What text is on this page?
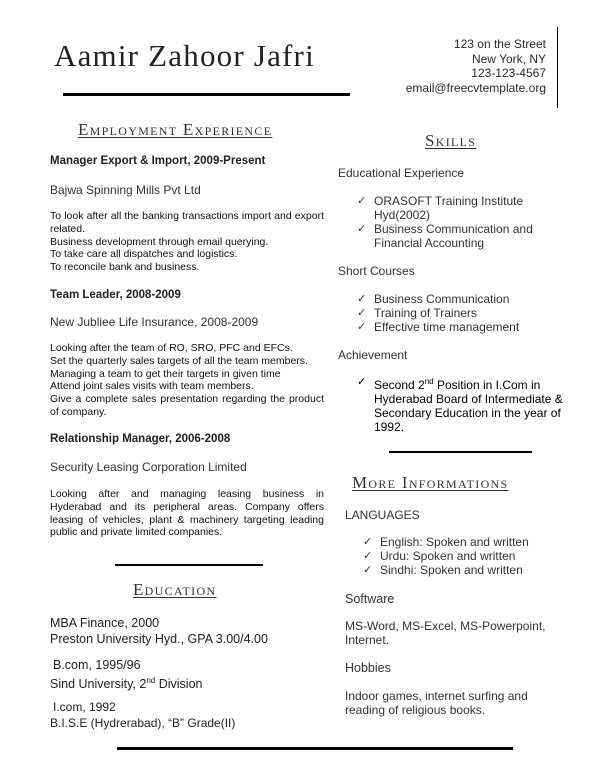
Aamir Zahoor Jafri	123 on the Street
New York, NY
123-123-4567
email@freecvtemplate.org
Employment Experience
Manager Export & Import, 2009-Present
Bajwa Spinning Mills Pvt Ltd
To look after all the banking transactions import and export related.
Business development through email querying.
To take care all dispatches and logistics.
To reconcile bank and business.
Team Leader, 2008-2009
New Jubliee Life Insurance, 2008-2009
Looking after the team of RO, SRO, PFC and EFCs.
Set the quarterly sales targets of all the team members.
Managing a team to get their targets in given time
Attend joint sales visits with team members.
Give a complete sales presentation regarding the product of company.
Relationship Manager, 2006-2008
Security Leasing Corporation Limited
Looking after and managing leasing business in Hyderabad and its peripheral areas. Company offers leasing of vehicles, plant & machinery targeting leading public and private limited companies.
Education
MBA Finance, 2000
Preston University Hyd., GPA 3.00/4.00
B.com, 1995/96
Sind University, 2nd Division
I.com, 1992
B.I.S.E (Hydrerabad), “B” Grade(II)
Skills
Educational Experience
✓ ORASOFT Training Institute Hyd(2002)
✓ Business Communication and Financial Accounting
Short Courses
✓ Business Communication
✓ Training of Trainers
✓ Effective time management
Achievement
✓ Second 2nd Position in I.Com in Hyderabad Board of Intermediate & Secondary Education in the year of 1992.
More Informations
LANGUAGES
✓ English: Spoken and written
✓ Urdu: Spoken and written
✓ Sindhi: Spoken and written
Software
MS-Word, MS-Excel, MS-Powerpoint, Internet.
Hobbies
Indoor games, internet surfing and reading of religious books.
